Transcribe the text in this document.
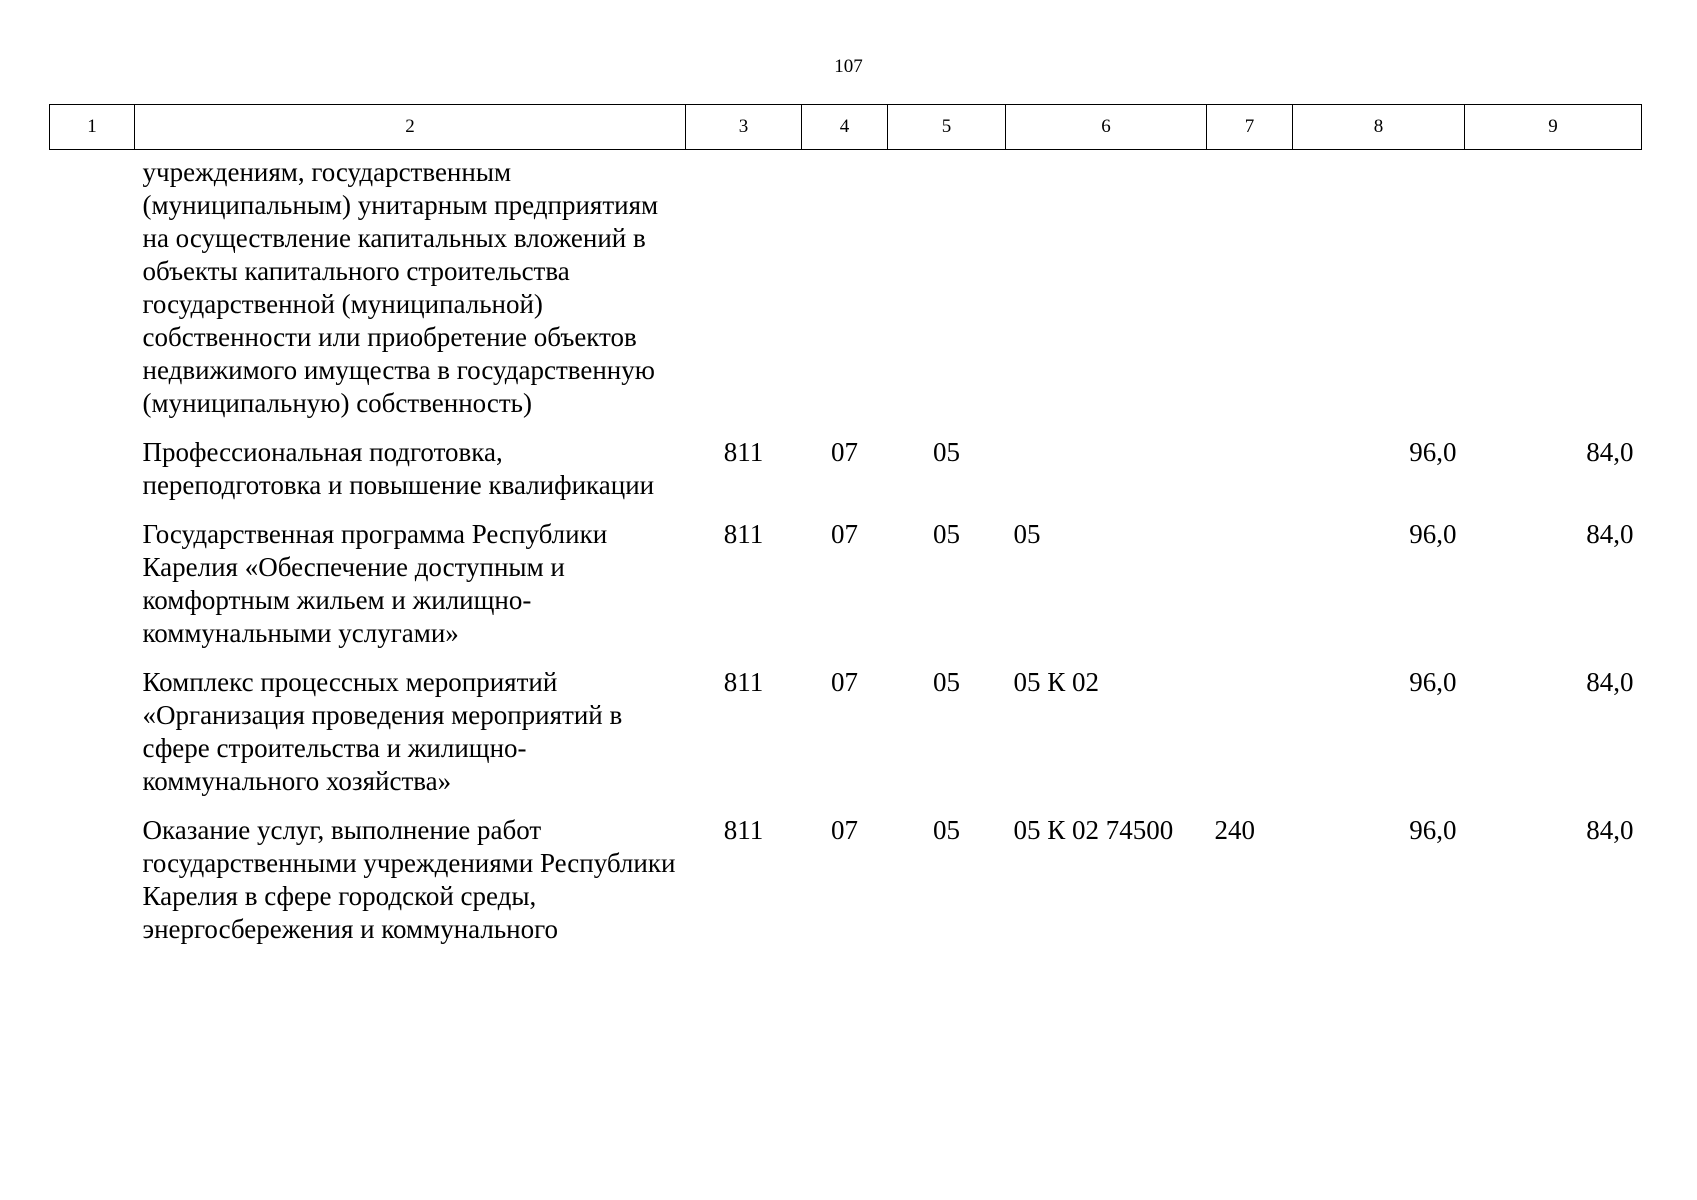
107
1	2	3	4	5	6	7	8	9
	учреждениям, государственным (муниципальным) унитарным предприятиям на осуществление капитальных вложений в объекты капитального строительства государственной (муниципальной) собственности или приобретение объектов недвижимого имущества в государственную (муниципальную) собственность)							
	Профессиональная подготовка, переподготовка и повышение квалификации	811	07	05			96,0	84,0
	Государственная программа Республики Карелия «Обеспечение доступным и комфортным жильем и жилищно-коммунальными услугами»	811	07	05	05		96,0	84,0
	Комплекс процессных мероприятий «Организация проведения мероприятий в сфере строительства и жилищно-коммунального хозяйства»	811	07	05	05 К 02		96,0	84,0
	Оказание услуг, выполнение работ государственными учреждениями Республики Карелия в сфере городской среды, энергосбережения и коммунального	811	07	05	05 К 02 74500	240	96,0	84,0
